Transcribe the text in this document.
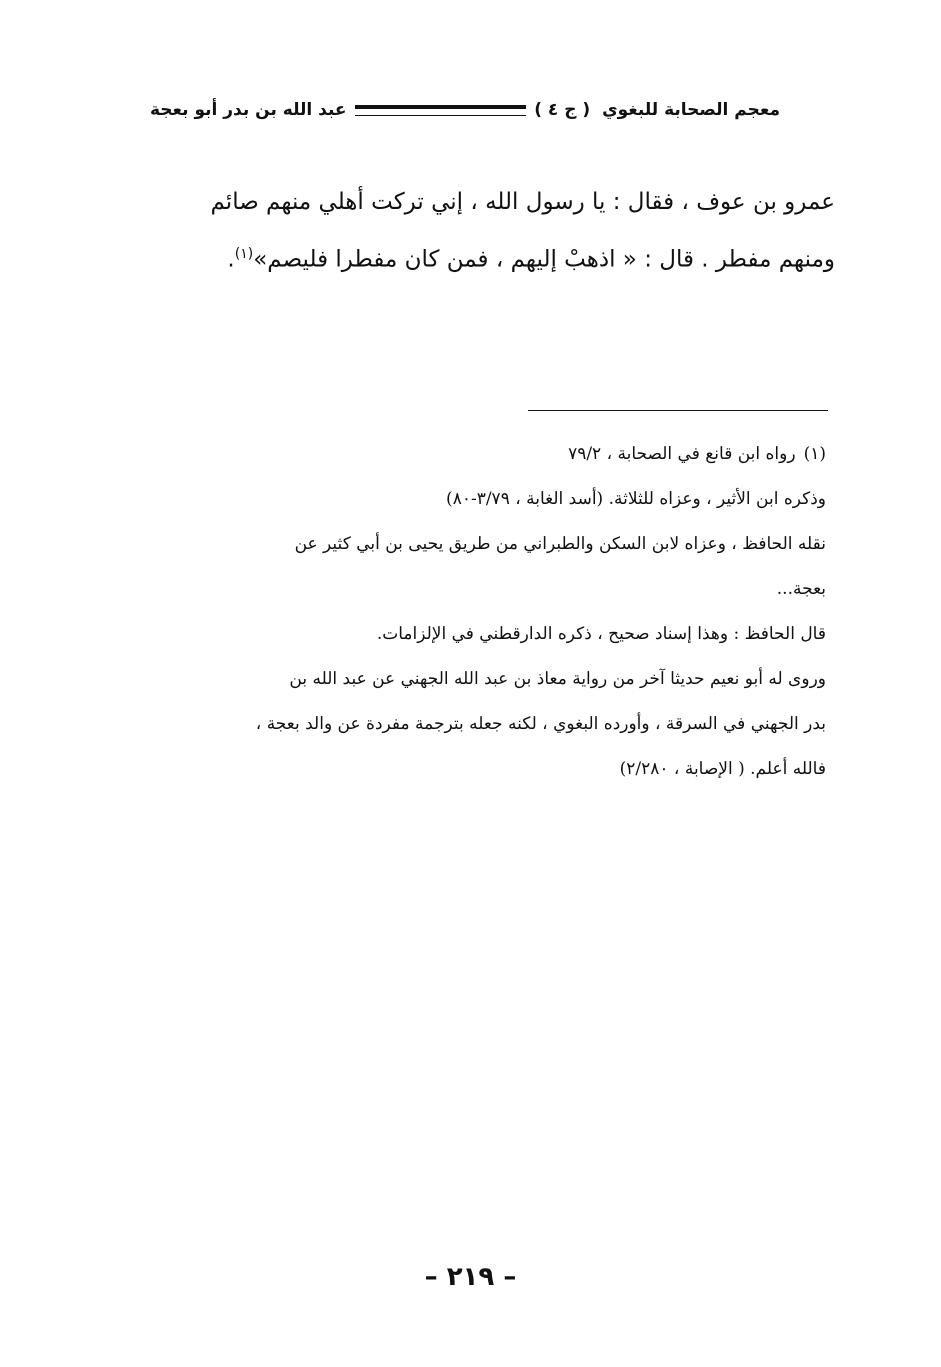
معجم الصحابة للبغوي ( ج ٤ )
عبد الله بن بدر أبو بعجة
عمرو بن عوف ، فقال : يا رسول الله ، إني تركت أهلي منهم صائم
ومنهم مفطر . قال : « اذهبْ إليهم ، فمن كان مفطرا فليصم»$^{(١)}$.
(١)رواه ابن قانع في الصحابة ، ٧٩/٢
وذكره ابن الأثير ، وعزاه للثلاثة. (أسد الغابة ، ٣/٧٩-٨٠)
نقله الحافظ ، وعزاه لابن السكن والطبراني من طريق يحيى بن أبي كثير عن
بعجة...
قال الحافظ : وهذا إسناد صحيح ، ذكره الدارقطني في الإلزامات.
وروى له أبو نعيم حديثا آخر من رواية معاذ بن عبد الله الجهني عن عبد الله بن
بدر الجهني في السرقة ، وأورده البغوي ، لكنه جعله بترجمة مفردة عن والد بعجة ،
فالله أعلم. ( الإصابة ، ٢/٢٨٠)
– ٢١٩ –
